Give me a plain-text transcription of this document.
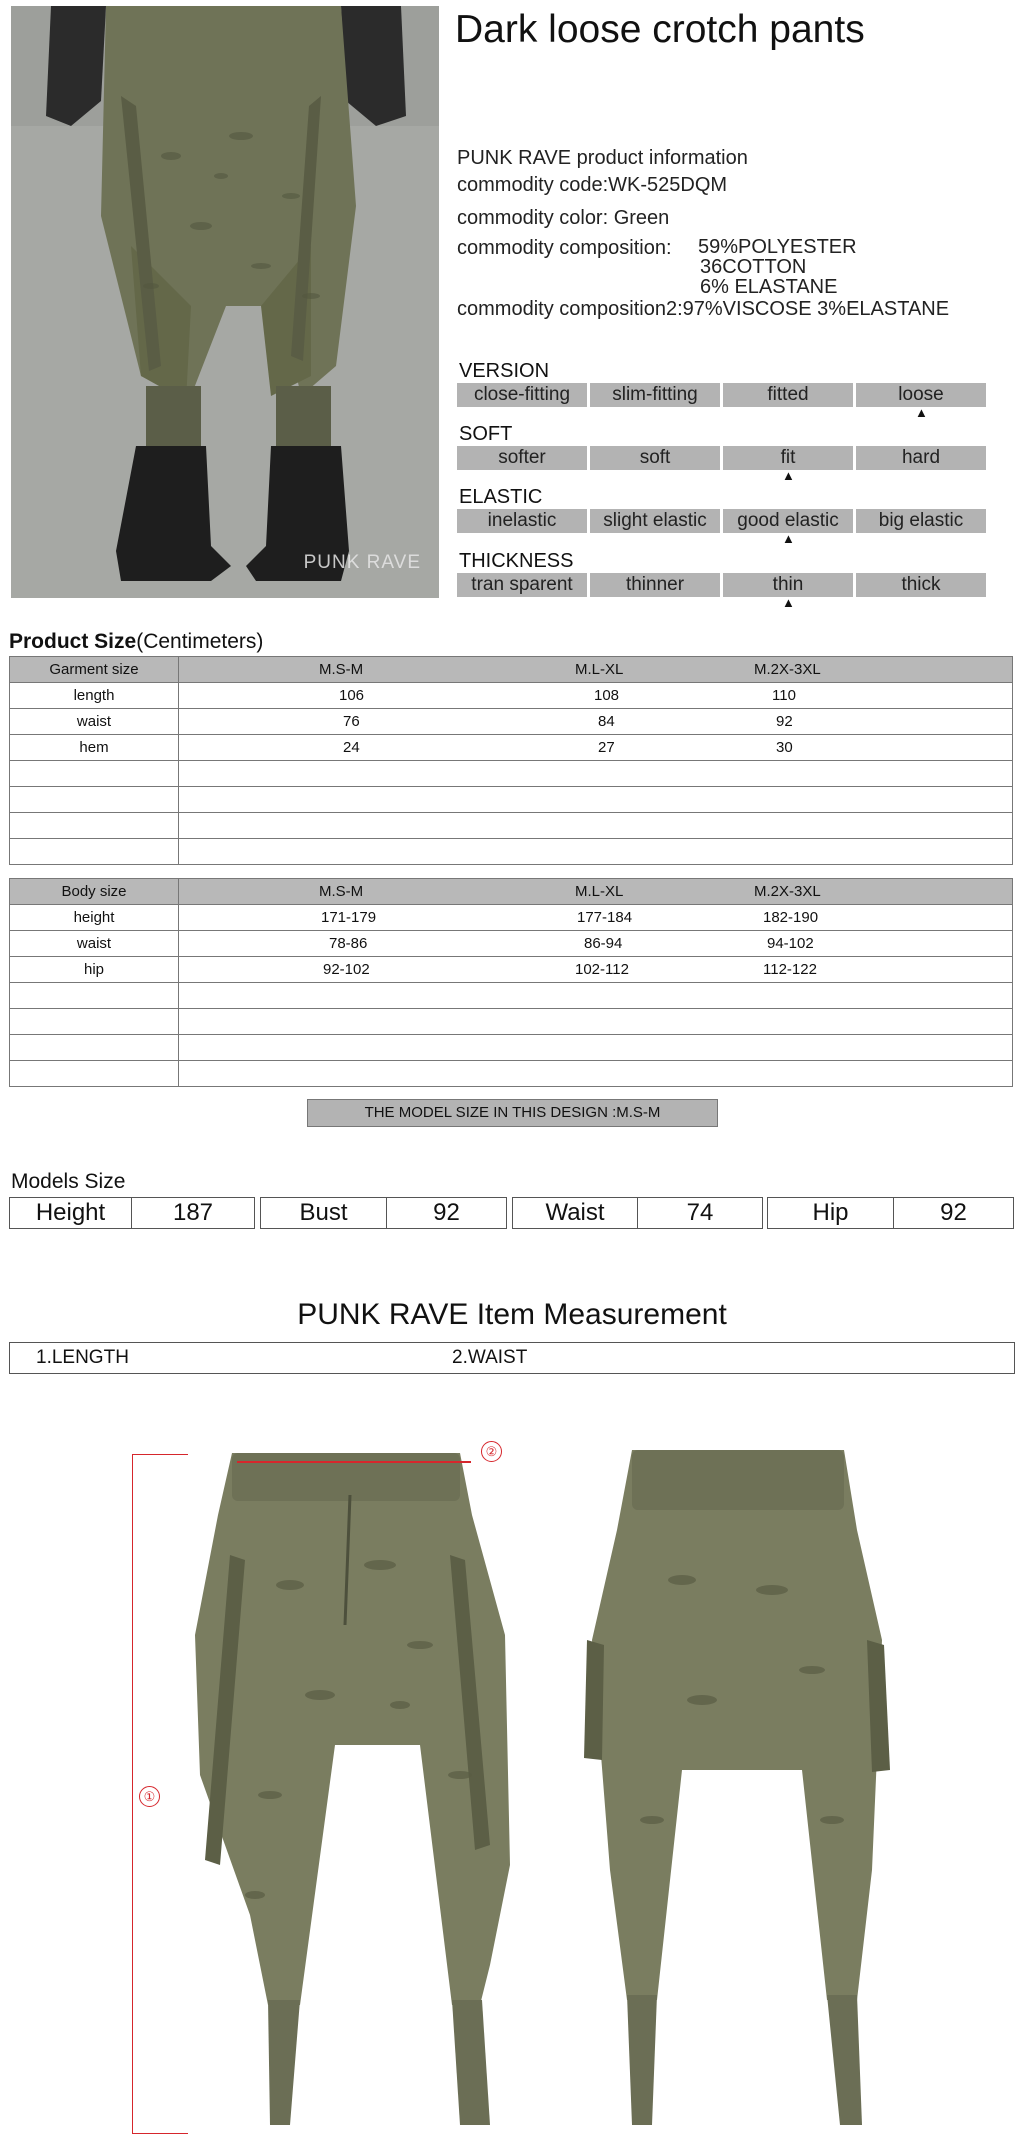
PUNK RAVE
Dark loose crotch pants
PUNK RAVE product information
commodity code:WK-525DQM
commodity color: Green
commodity composition: 59%POLYESTER
36COTTON
6% ELASTANE
commodity composition2:97%VISCOSE 3%ELASTANE
VERSION
close-fitting	slim-fitting	fitted	loose
▲
SOFT
softer	soft	fit	hard
▲
ELASTIC
inelastic	slight elastic	good elastic	big elastic
▲
THICKNESS
tran sparent	thinner	thin	thick
▲
Product Size(Centimeters)
Garment size	M.S-M M.L-XL M.2X-3XL

length	106 108 110

waist	76 84 92

hem	24 27 30

Body size	M.S-M M.L-XL M.2X-3XL

height	171-179 177-184 182-190

waist	78-86 86-94 94-102

hip	92-102 102-112 112-122

THE MODEL SIZE IN THIS DESIGN :M.S-M
Models Size
Height	187	Bust	92	Waist	74	Hip	92
PUNK RAVE Item Measurement
1.LENGTH	2.WAIST
①
②
